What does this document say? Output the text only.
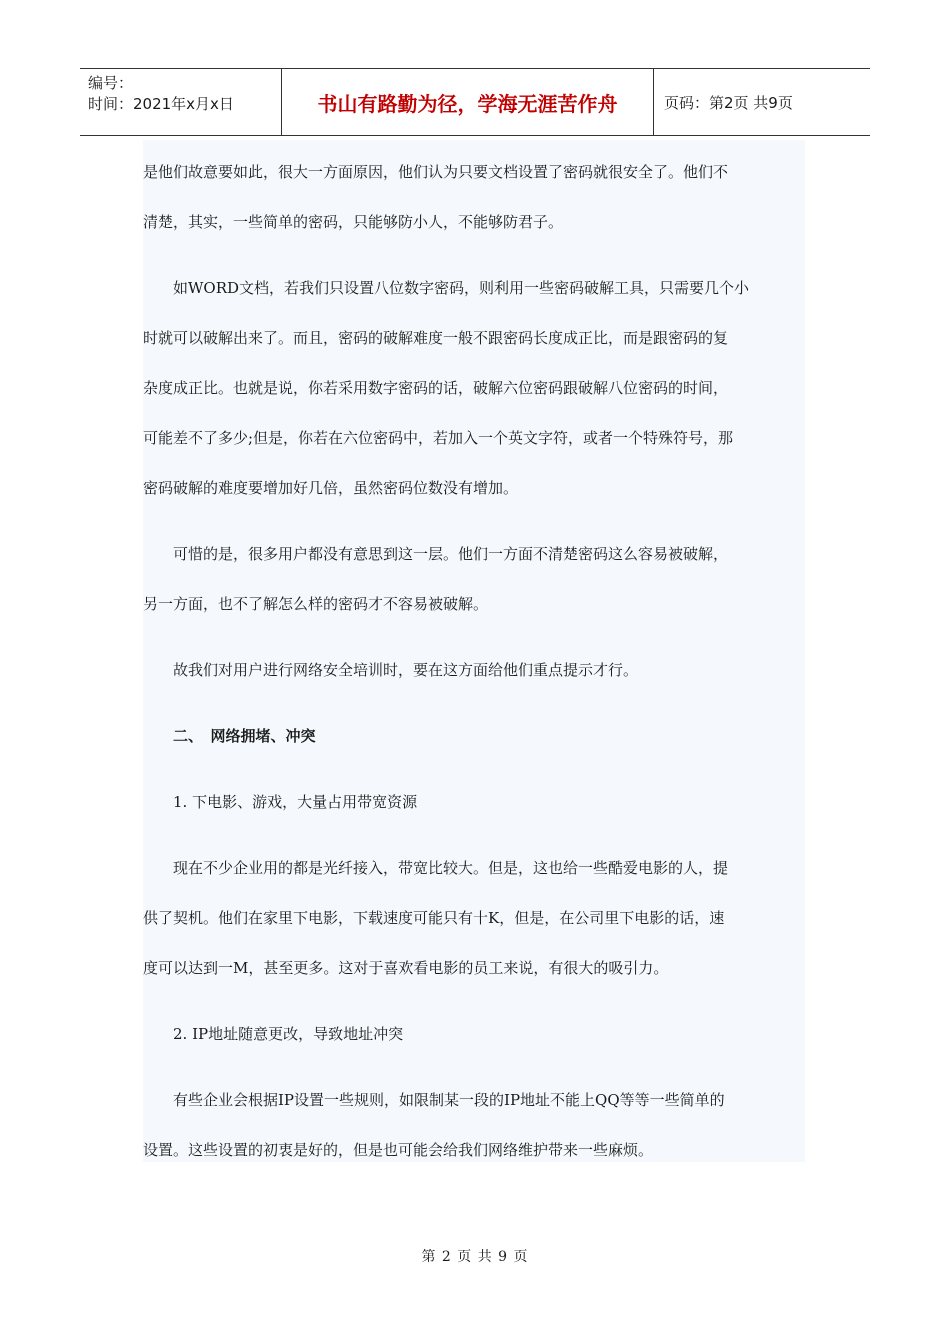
编号：
时间：2021年x月x日	书山有路勤为径，学海无涯苦作舟	页码：第2页 共9页

是他们故意要如此，很大一方面原因，他们认为只要文档设置了密码就很安全了。他们不

清楚，其实，一些简单的密码，只能够防小人，不能够防君子。

　　如WORD文档，若我们只设置八位数字密码，则利用一些密码破解工具，只需要几个小

时就可以破解出来了。而且，密码的破解难度一般不跟密码长度成正比，而是跟密码的复

杂度成正比。也就是说，你若采用数字密码的话，破解六位密码跟破解八位密码的时间，

可能差不了多少;但是，你若在六位密码中，若加入一个英文字符，或者一个特殊符号，那

密码破解的难度要增加好几倍，虽然密码位数没有增加。

　　可惜的是，很多用户都没有意思到这一层。他们一方面不清楚密码这么容易被破解，

另一方面，也不了解怎么样的密码才不容易被破解。

　　故我们对用户进行网络安全培训时，要在这方面给他们重点提示才行。

　　二、　网络拥堵、冲突

　　1. 下电影、游戏，大量占用带宽资源

　　现在不少企业用的都是光纤接入，带宽比较大。但是，这也给一些酷爱电影的人，提

供了契机。他们在家里下电影，下载速度可能只有十K，但是，在公司里下电影的话，速

度可以达到一M，甚至更多。这对于喜欢看电影的员工来说，有很大的吸引力。

　　2. IP地址随意更改，导致地址冲突

　　有些企业会根据IP设置一些规则，如限制某一段的IP地址不能上QQ等等一些简单的

设置。这些设置的初衷是好的，但是也可能会给我们网络维护带来一些麻烦。

第 2 页 共 9 页
